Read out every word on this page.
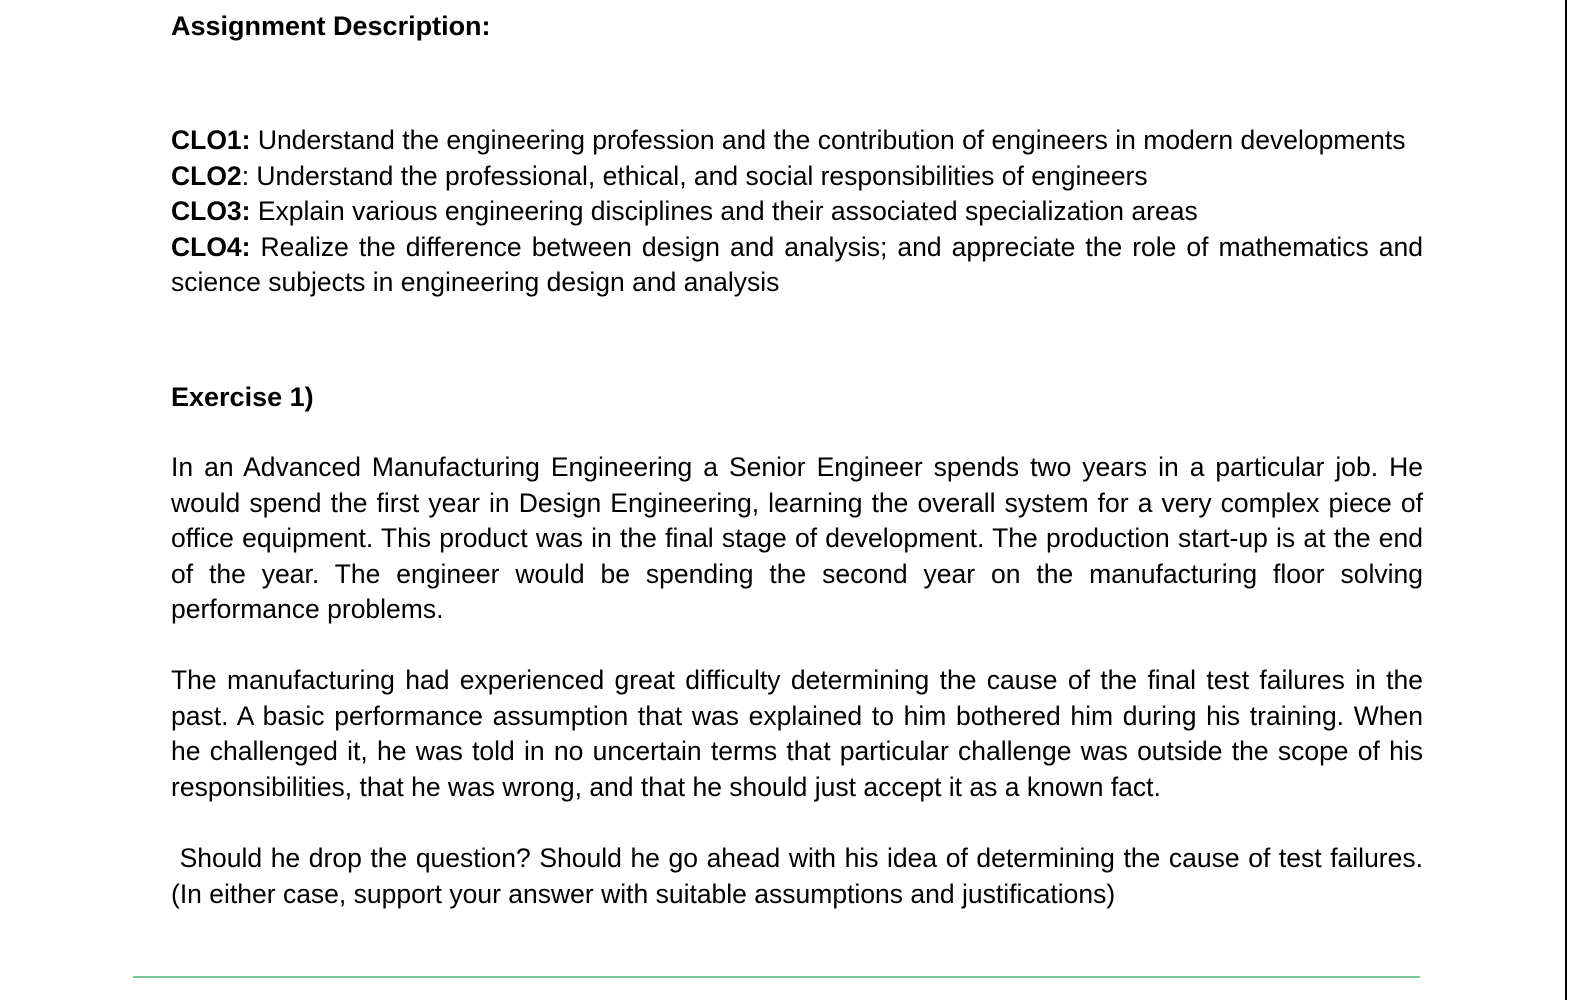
Assignment Description:

CLO1: Understand the engineering profession and the contribution of engineers in modern developments

CLO2: Understand the professional, ethical, and social responsibilities of engineers

CLO3: Explain various engineering disciplines and their associated specialization areas

CLO4: Realize the difference between design and analysis; and appreciate the role of mathematics and science subjects in engineering design and analysis

Exercise 1)

In an Advanced Manufacturing Engineering a Senior Engineer spends two years in a particular job. He would spend the first year in Design Engineering, learning the overall system for a very complex piece of office equipment. This product was in the final stage of development. The production start-up is at the end of the year. The engineer would be spending the second year on the manufacturing floor solving performance problems.

The manufacturing had experienced great difficulty determining the cause of the final test failures in the past. A basic performance assumption that was explained to him bothered him during his training. When he challenged it, he was told in no uncertain terms that particular challenge was outside the scope of his responsibilities, that he was wrong, and that he should just accept it as a known fact.

Should he drop the question? Should he go ahead with his idea of determining the cause of test failures. (In either case, support your answer with suitable assumptions and justifications)
